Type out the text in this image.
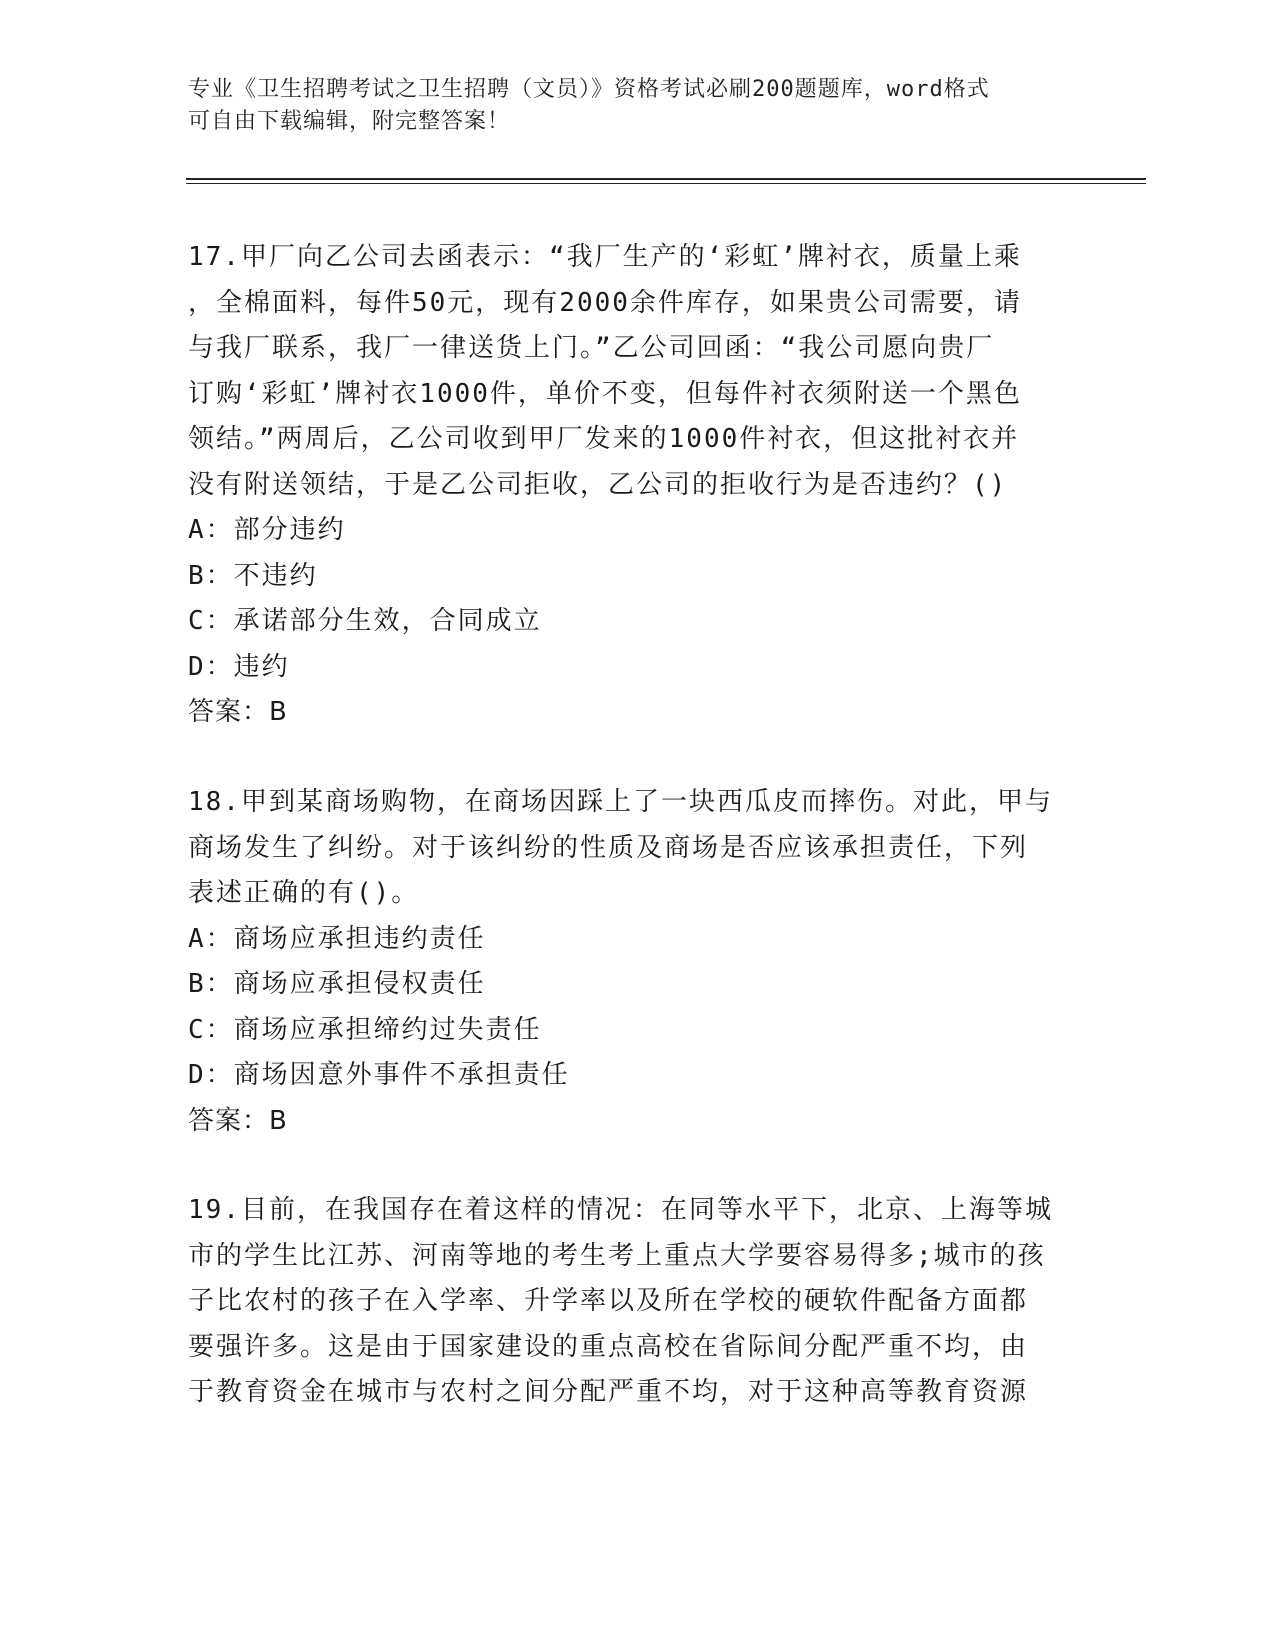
专业《卫生招聘考试之卫生招聘（文员）》资格考试必刷200题题库，word格式

可自由下载编辑，附完整答案！

17.甲厂向乙公司去函表示：“我厂生产的‘彩虹’牌衬衣，质量上乘

，全棉面料，每件50元，现有2000余件库存，如果贵公司需要，请

与我厂联系，我厂一律送货上门。”乙公司回函：“我公司愿向贵厂

订购‘彩虹’牌衬衣1000件，单价不变，但每件衬衣须附送一个黑色

领结。”两周后，乙公司收到甲厂发来的1000件衬衣，但这批衬衣并

没有附送领结，于是乙公司拒收，乙公司的拒收行为是否违约？()

A：部分违约

B：不违约

C：承诺部分生效，合同成立

D：违约

答案：B

18.甲到某商场购物，在商场因踩上了一块西瓜皮而摔伤。对此，甲与

商场发生了纠纷。对于该纠纷的性质及商场是否应该承担责任，下列

表述正确的有()。

A：商场应承担违约责任

B：商场应承担侵权责任

C：商场应承担缔约过失责任

D：商场因意外事件不承担责任

答案：B

19.目前，在我国存在着这样的情况：在同等水平下，北京、上海等城

市的学生比江苏、河南等地的考生考上重点大学要容易得多;城市的孩

子比农村的孩子在入学率、升学率以及所在学校的硬软件配备方面都

要强许多。这是由于国家建设的重点高校在省际间分配严重不均，由

于教育资金在城市与农村之间分配严重不均，对于这种高等教育资源
